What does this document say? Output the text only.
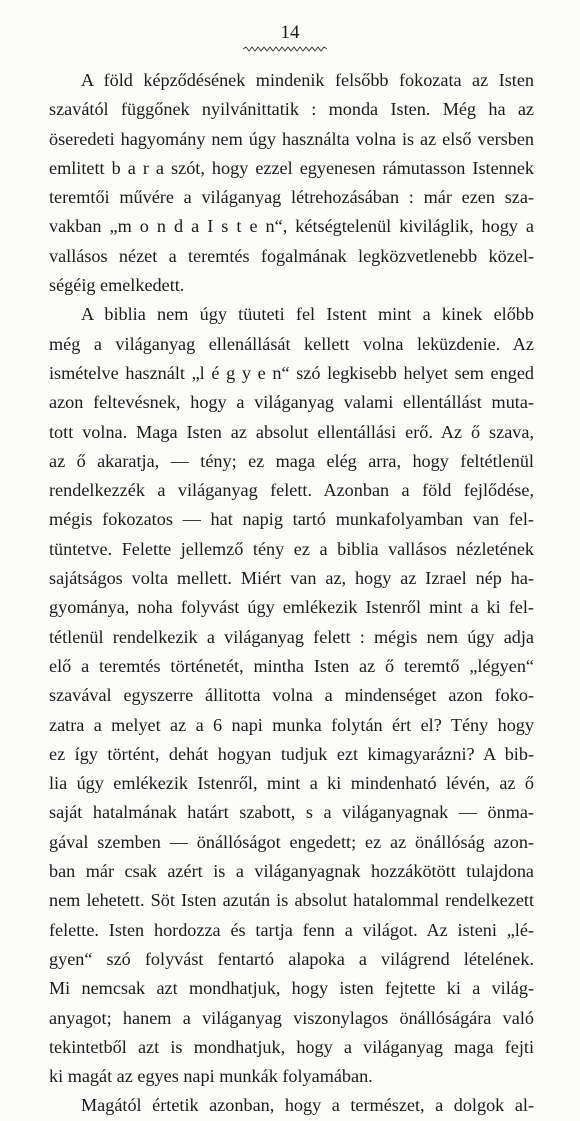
14
A föld képződésének mindenik felsőbb fokozata az Isten
szavától függőnek nyilvánittatik : monda Isten. Még ha az
öseredeti hagyomány nem úgy használta volna is az első versben
emlitett b a r a szót, hogy ezzel egyenesen rámutasson Istennek
teremtői művére a világanyag létrehozásában : már ezen sza-
vakban „m o n d a I s t e n“, kétségtelenül kiviláglik, hogy a
vallásos nézet a teremtés fogalmának legközvetlenebb közel-
ségéig emelkedett.
A biblia nem úgy tüuteti fel Istent mint a kinek előbb
még a világanyag ellenállását kellett volna leküzdenie. Az
ismételve használt „l é g y e n“ szó legkisebb helyet sem enged
azon feltevésnek, hogy a világanyag valami ellentállást muta-
tott volna. Maga Isten az absolut ellentállási erő. Az ő szava,
az ő akaratja, — tény; ez maga elég arra, hogy feltétlenül
rendelkezzék a világanyag felett. Azonban a föld fejlődése,
mégis fokozatos — hat napig tartó munkafolyamban van fel-
tüntetve. Felette jellemző tény ez a biblia vallásos nézletének
sajátságos volta mellett. Miért van az, hogy az Izrael nép ha-
gyománya, noha folyvást úgy emlékezik Istenről mint a ki fel-
tétlenül rendelkezik a világanyag felett : mégis nem úgy adja
elő a teremtés történetét, mintha Isten az ő teremtő „légyen“
szavával egyszerre állitotta volna a mindenséget azon foko-
zatra a melyet az a 6 napi munka folytán ért el? Tény hogy
ez így történt, dehát hogyan tudjuk ezt kimagyarázni? A bib-
lia úgy emlékezik Istenről, mint a ki mindenható lévén, az ő
saját hatalmának határt szabott, s a világanyagnak — önma-
gával szemben — önállóságot engedett; ez az önállóság azon-
ban már csak azért is a világanyagnak hozzákötött tulajdona
nem lehetett. Söt Isten azután is absolut hatalommal rendelkezett
felette. Isten hordozza és tartja fenn a világot. Az isteni „lé-
gyen“ szó folyvást fentartó alapoka a világrend lételének.
Mi nemcsak azt mondhatjuk, hogy isten fejtette ki a világ-
anyagot; hanem a világanyag viszonylagos önállóságára való
tekintetből azt is mondhatjuk, hogy a világanyag maga fejti
ki magát az egyes napi munkák folyamában.
Magától értetik azonban, hogy a természet, a dolgok al-
